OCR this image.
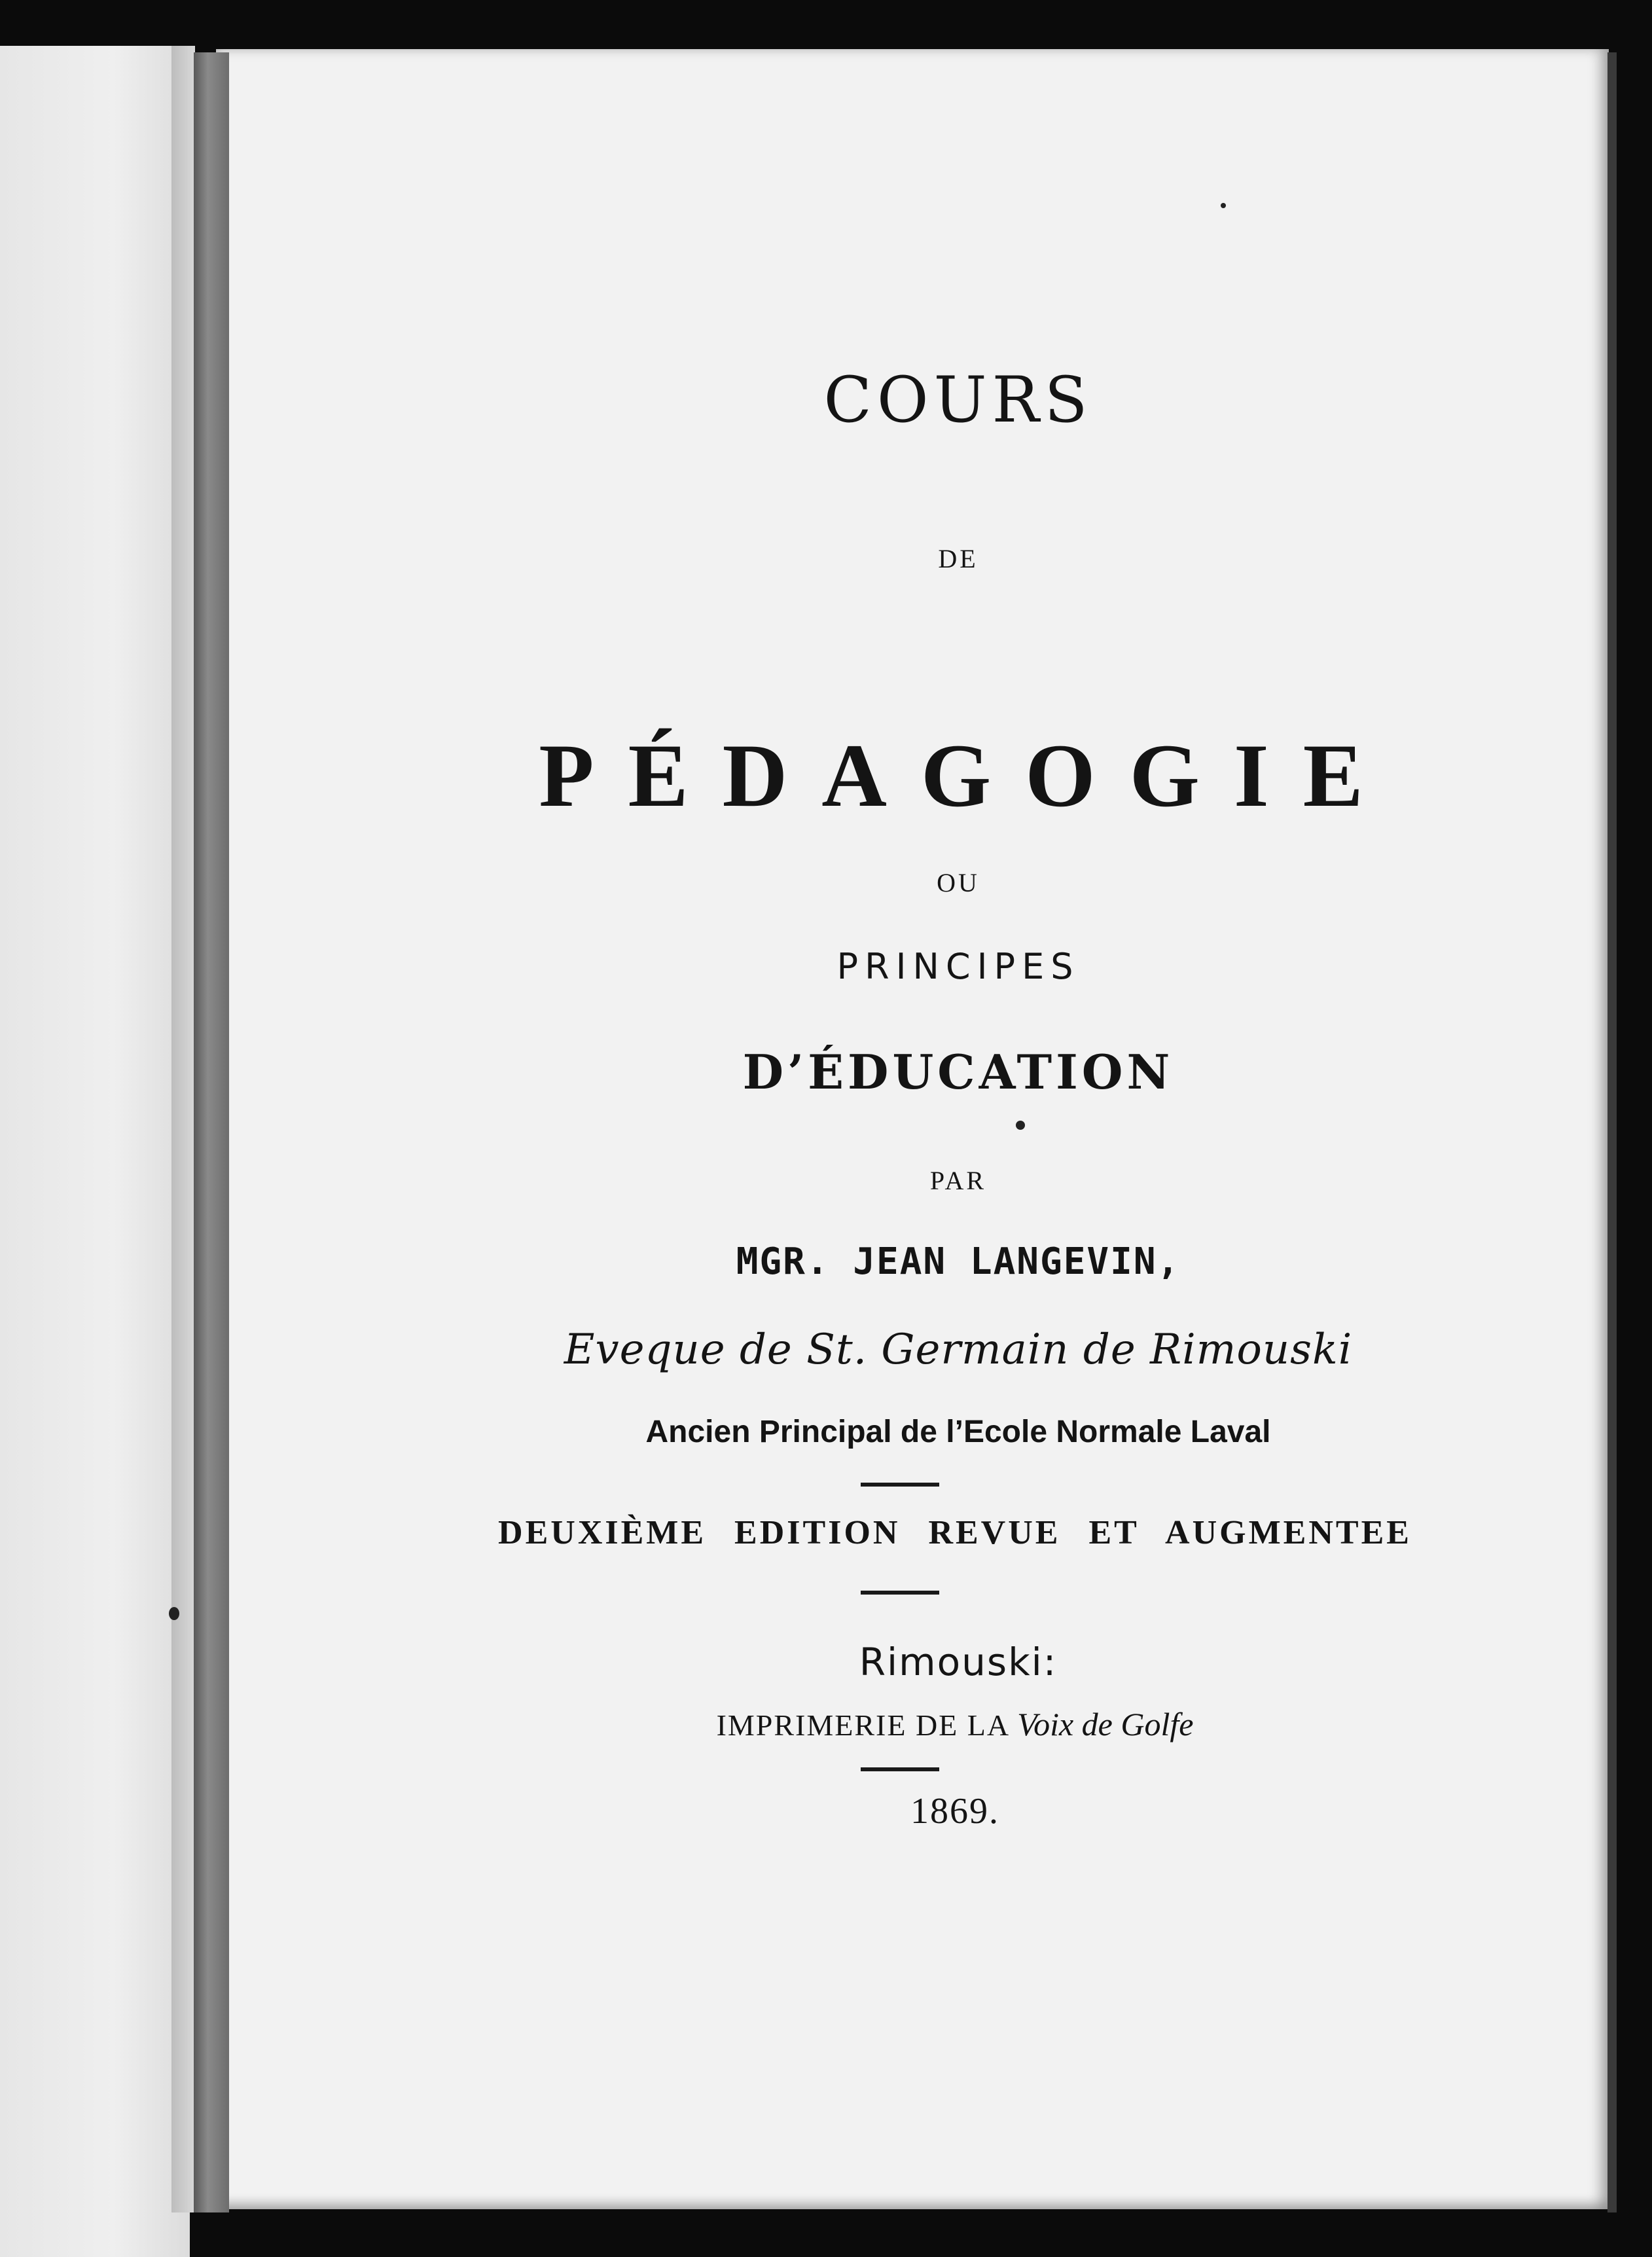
COURS
DE
PÉDAGOGIE
OU
PRINCIPES
D’ÉDUCATION
PAR
MGR. JEAN LANGEVIN,
Eveque de St. Germain de Rimouski
Ancien Principal de l’Ecole Normale Laval
DEUXIÈME EDITION REVUE ET AUGMENTEE
Rimouski:
IMPRIMERIE DE LA Voix de Golfe
1869.
